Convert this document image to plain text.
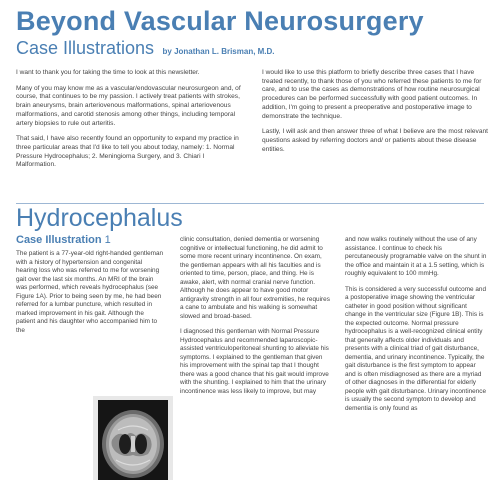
Beyond Vascular Neurosurgery
Case Illustrations by Jonathan L. Brisman, M.D.

I want to thank you for taking the time to look at this newsletter.

Many of you may know me as a vascular/endovascular neurosurgeon and, of course, that continues to be my passion. I actively treat patients with strokes, brain aneurysms, brain arteriovenous malformations, spinal arteriovenous malformations, and carotid stenosis among other things, including temporal artery biopsies to rule out arteritis.

That said, I have also recently found an opportunity to expand my practice in three particular areas that I'd like to tell you about today, namely: 1. Normal Pressure Hydrocephalus; 2. Meningioma Surgery, and 3. Chiari I Malformation.

I would like to use this platform to briefly describe three cases that I have treated recently, to thank those of you who referred these patients to me for care, and to use the cases as demonstrations of how routine neurosurgical procedures can be performed successfully with good patient outcomes. In addition, I'm going to present a preoperative and postoperative image to demonstrate the technique.

Lastly, I will ask and then answer three of what I believe are the most relevant questions asked by referring doctors and/ or patients about these disease entities.

Hydrocephalus
Case Illustration 1

The patient is a 77-year-old right-handed gentleman with a history of hypertension and congenital hearing loss who was referred to me for worsening gait over the last six months. An MRI of the brain was performed, which reveals hydrocephalus (see Figure 1A). Prior to being seen by me, he had been referred for a lumbar puncture, which resulted in marked improvement in his gait. Although the patient and his daughter who accompanied him to the

clinic consultation, denied dementia or worsening cognitive or intellectual functioning, he did admit to some more recent urinary incontinence. On exam, the gentleman appears with all his faculties and is oriented to time, person, place, and thing. He is awake, alert, with normal cranial nerve function. Although he does appear to have good motor antigravity strength in all four extremities, he requires a cane to ambulate and his walking is somewhat slowed and broad-based.

I diagnosed this gentleman with Normal Pressure Hydrocephalus and recommended laparoscopic-assisted ventriculoperitoneal shunting to alleviate his symptoms. I explained to the gentleman that given his improvement with the spinal tap that I thought there was a good chance that his gait would improve with the shunting. I explained to him that the urinary incontinence was less likely to improve, but may

and now walks routinely without the use of any assistance. I continue to check his percutaneously programable valve on the shunt in the office and maintain it at a 1.5 setting, which is roughly equivalent to 100 mmHg.

This is considered a very successful outcome and a postoperative image showing the ventricular catheter in good position without significant change in the ventricular size (Figure 1B). This is the expected outcome. Normal pressure hydrocephalus is a well-recognized clinical entity that generally affects older individuals and presents with a clinical triad of gait disturbance, dementia, and urinary incontinence. Typically, the gait disturbance is the first symptom to appear and is often misdiagnosed as there are a myriad of other diagnoses in the differential for elderly people with gait disturbance. Urinary incontinence is usually the second symptom to develop and dementia is only found as
